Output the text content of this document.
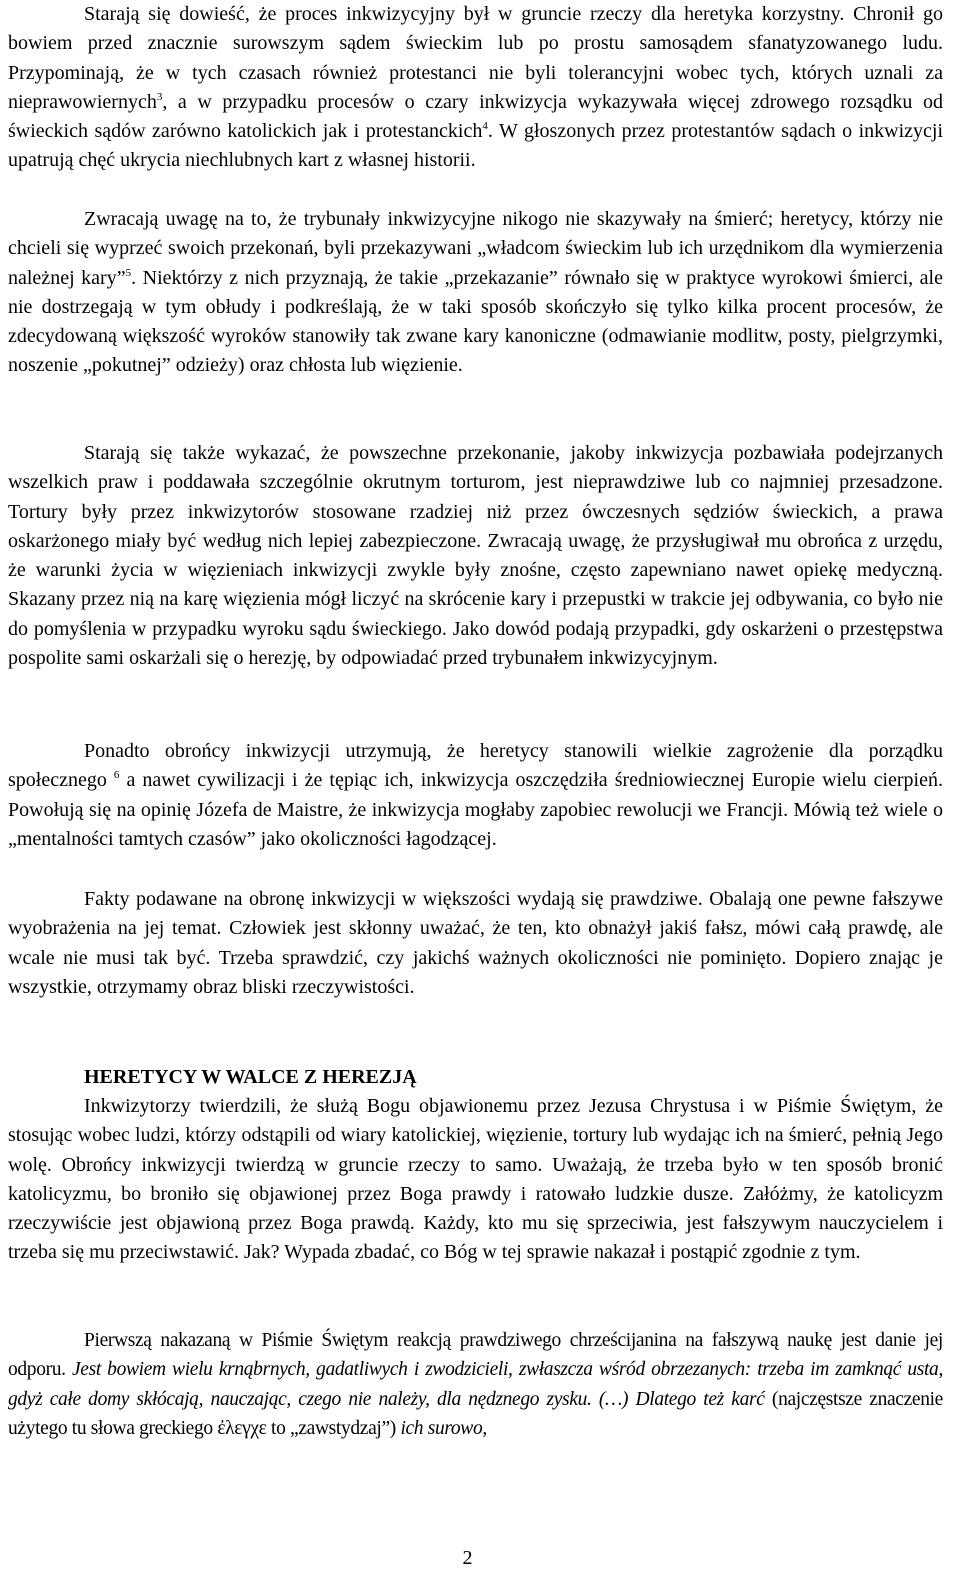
Starają się dowieść, że proces inkwizycyjny był w gruncie rzeczy dla heretyka korzystny. Chronił go bowiem przed znacznie surowszym sądem świeckim lub po prostu samosądem sfanatyzowanego ludu. Przypominają, że w tych czasach również protestanci nie byli tolerancyjni wobec tych, których uznali za nieprawowiernych$^3$, a w przypadku procesów o czary inkwizycja wykazywała więcej zdrowego rozsądku od świeckich sądów zarówno katolickich jak i protestanckich$^4$. W głoszonych przez protestantów sądach o inkwizycji upatrują chęć ukrycia niechlubnych kart z własnej historii.

Zwracają uwagę na to, że trybunały inkwizycyjne nikogo nie skazywały na śmierć; heretycy, którzy nie chcieli się wyprzeć swoich przekonań, byli przekazywani „władcom świeckim lub ich urzędnikom dla wymierzenia należnej kary”$^5$. Niektórzy z nich przyznają, że takie „przekazanie” równało się w praktyce wyrokowi śmierci, ale nie dostrzegają w tym obłudy i podkreślają, że w taki sposób skończyło się tylko kilka procent procesów, że zdecydowaną większość wyroków stanowiły tak zwane kary kanoniczne (odmawianie modlitw, posty, pielgrzymki, noszenie „pokutnej” odzieży) oraz chłosta lub więzienie.

Starają się także wykazać, że powszechne przekonanie, jakoby inkwizycja pozbawiała podejrzanych wszelkich praw i poddawała szczególnie okrutnym torturom, jest nieprawdziwe lub co najmniej przesadzone. Tortury były przez inkwizytorów stosowane rzadziej niż przez ówczesnych sędziów świeckich, a prawa oskarżonego miały być według nich lepiej zabezpieczone. Zwracają uwagę, że przysługiwał mu obrońca z urzędu, że warunki życia w więzieniach inkwizycji zwykle były znośne, często zapewniano nawet opiekę medyczną. Skazany przez nią na karę więzienia mógł liczyć na skrócenie kary i przepustki w trakcie jej odbywania, co było nie do pomyślenia w przypadku wyroku sądu świeckiego. Jako dowód podają przypadki, gdy oskarżeni o przestępstwa pospolite sami oskarżali się o herezję, by odpowiadać przed trybunałem inkwizycyjnym.

Ponadto obrońcy inkwizycji utrzymują, że heretycy stanowili wielkie zagrożenie dla porządku społecznego $^6$ a nawet cywilizacji i że tępiąc ich, inkwizycja oszczędziła średniowiecznej Europie wielu cierpień. Powołują się na opinię Józefa de Maistre, że inkwizycja mogłaby zapobiec rewolucji we Francji. Mówią też wiele o „mentalności tamtych czasów” jako okoliczności łagodzącej.

Fakty podawane na obronę inkwizycji w większości wydają się prawdziwe. Obalają one pewne fałszywe wyobrażenia na jej temat. Człowiek jest skłonny uważać, że ten, kto obnażył jakiś fałsz, mówi całą prawdę, ale wcale nie musi tak być. Trzeba sprawdzić, czy jakichś ważnych okoliczności nie pominięto. Dopiero znając je wszystkie, otrzymamy obraz bliski rzeczywistości.

HERETYCY W WALCE Z HEREZJĄ

Inkwizytorzy twierdzili, że służą Bogu objawionemu przez Jezusa Chrystusa i w Piśmie Świętym, że stosując wobec ludzi, którzy odstąpili od wiary katolickiej, więzienie, tortury lub wydając ich na śmierć, pełnią Jego wolę. Obrońcy inkwizycji twierdzą w gruncie rzeczy to samo. Uważają, że trzeba było w ten sposób bronić katolicyzmu, bo broniło się objawionej przez Boga prawdy i ratowało ludzkie dusze. Załóżmy, że katolicyzm rzeczywiście jest objawioną przez Boga prawdą. Każdy, kto mu się sprzeciwia, jest fałszywym nauczycielem i trzeba się mu przeciwstawić. Jak? Wypada zbadać, co Bóg w tej sprawie nakazał i postąpić zgodnie z tym.

Pierwszą nakazaną w Piśmie Świętym reakcją prawdziwego chrześcijanina na fałszywą naukę jest danie jej odporu. Jest bowiem wielu krnąbrnych, gadatliwych i zwodzicieli, zwłaszcza wśród obrzezanych: trzeba im zamknąć usta, gdyż całe domy skłócają, nauczając, czego nie należy, dla nędznego zysku. (…) Dlatego też karć (najczęstsze znaczenie użytego tu słowa greckiego ἐλεγχε to „zawstydzaj”) ich surowo,

2
